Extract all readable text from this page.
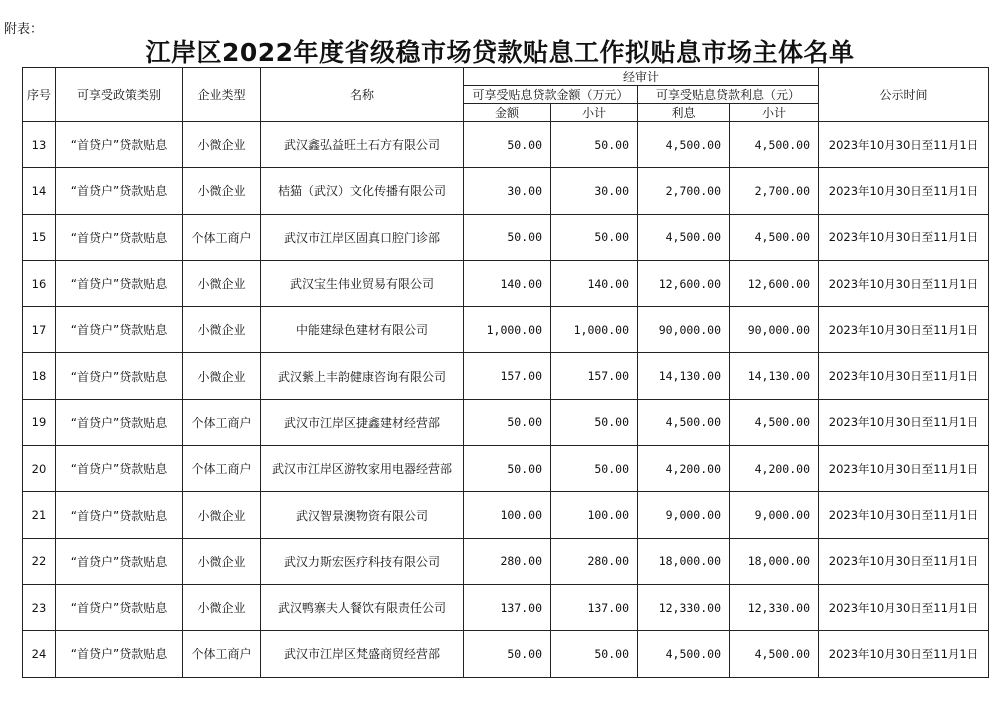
附表：
江岸区2022年度省级稳市场贷款贴息工作拟贴息市场主体名单
序号	可享受政策类别	企业类型	名称	经审计				公示时间
				可享受贴息贷款金额（万元）		可享受贴息贷款利息（元）		
				金额	小计	利息	小计	
13	“首贷户”贷款贴息	小微企业	武汉鑫弘益旺土石方有限公司	50.00	50.00	4,500.00	4,500.00	2023年10月30日至11月1日
14	“首贷户”贷款贴息	小微企业	桔猫（武汉）文化传播有限公司	30.00	30.00	2,700.00	2,700.00	2023年10月30日至11月1日
15	“首贷户”贷款贴息	个体工商户	武汉市江岸区固真口腔门诊部	50.00	50.00	4,500.00	4,500.00	2023年10月30日至11月1日
16	“首贷户”贷款贴息	小微企业	武汉宝生伟业贸易有限公司	140.00	140.00	12,600.00	12,600.00	2023年10月30日至11月1日
17	“首贷户”贷款贴息	小微企业	中能建绿色建材有限公司	1,000.00	1,000.00	90,000.00	90,000.00	2023年10月30日至11月1日
18	“首贷户”贷款贴息	小微企业	武汉紫上丰韵健康咨询有限公司	157.00	157.00	14,130.00	14,130.00	2023年10月30日至11月1日
19	“首贷户”贷款贴息	个体工商户	武汉市江岸区捷鑫建材经营部	50.00	50.00	4,500.00	4,500.00	2023年10月30日至11月1日
20	“首贷户”贷款贴息	个体工商户	武汉市江岸区游牧家用电器经营部	50.00	50.00	4,200.00	4,200.00	2023年10月30日至11月1日
21	“首贷户”贷款贴息	小微企业	武汉智景澳物资有限公司	100.00	100.00	9,000.00	9,000.00	2023年10月30日至11月1日
22	“首贷户”贷款贴息	小微企业	武汉力斯宏医疗科技有限公司	280.00	280.00	18,000.00	18,000.00	2023年10月30日至11月1日
23	“首贷户”贷款贴息	小微企业	武汉鸭寨夫人餐饮有限责任公司	137.00	137.00	12,330.00	12,330.00	2023年10月30日至11月1日
24	“首贷户”贷款贴息	个体工商户	武汉市江岸区梵盛商贸经营部	50.00	50.00	4,500.00	4,500.00	2023年10月30日至11月1日
